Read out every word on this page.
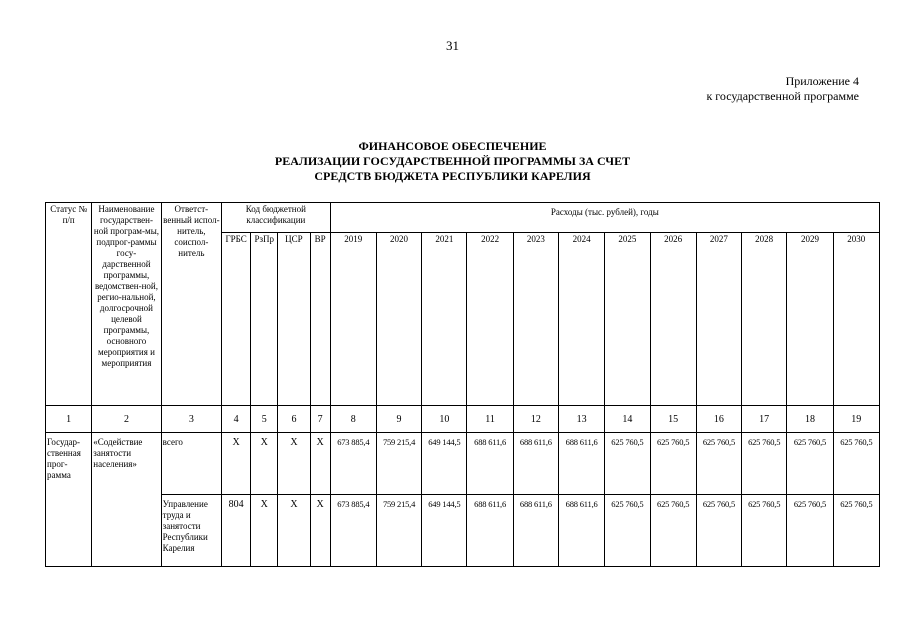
31
Приложение 4
к государственной программе
ФИНАНСОВОЕ ОБЕСПЕЧЕНИЕ
РЕАЛИЗАЦИИ ГОСУДАРСТВЕННОЙ ПРОГРАММЫ ЗА СЧЕТ
СРЕДСТВ БЮДЖЕТА РЕСПУБЛИКИ КАРЕЛИЯ
Статус № п/п	Наименование государствен-ной програм-мы, подпрог-раммы госу-дарственной программы, ведомствен-ной, регио-нальной, долгосрочной целевой программы, основного мероприятия и мероприятия	Ответст-венный испол-нитель, соиспол-нитель	Код бюджетной классификации				Расходы (тыс. рублей), годы											
			ГРБС	РзПр	ЦСР	ВР	2019	2020	2021	2022	2023	2024	2025	2026	2027	2028	2029	2030
1	2	3	4	5	6	7	8	9	10	11	12	13	14	15	16	17	18	19
Государ-ственная прог-рамма	«Содействие занятости населения»	всего	Х	Х	Х	Х	673 885,4	759 215,4	649 144,5	688 611,6	688 611,6	688 611,6	625 760,5	625 760,5	625 760,5	625 760,5	625 760,5	625 760,5
		Управление труда и занятости Республики Карелия	804	Х	Х	Х	673 885,4	759 215,4	649 144,5	688 611,6	688 611,6	688 611,6	625 760,5	625 760,5	625 760,5	625 760,5	625 760,5	625 760,5
